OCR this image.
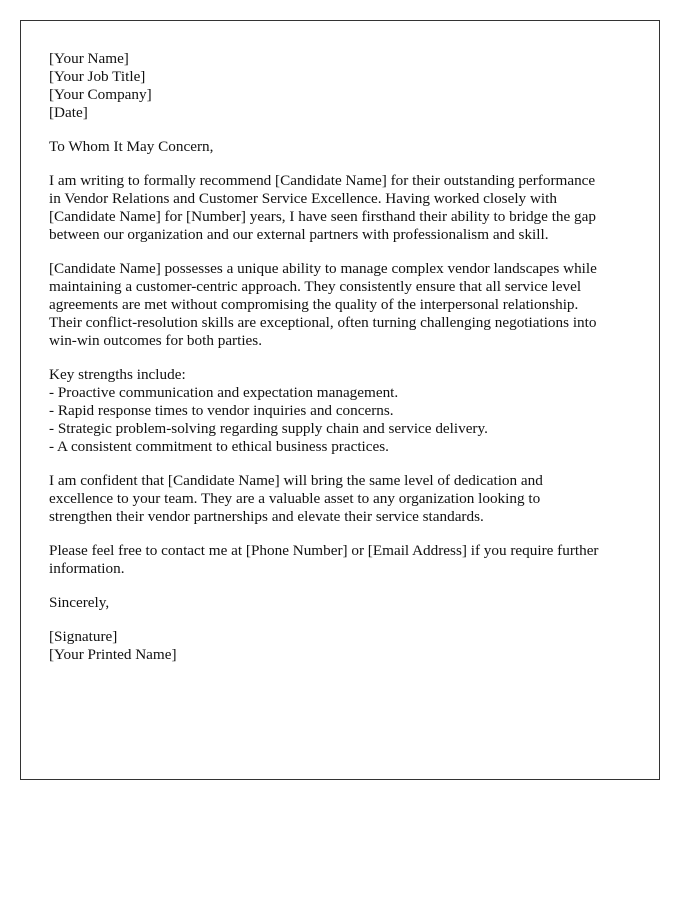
[Your Name]
[Your Job Title]
[Your Company]
[Date]
To Whom It May Concern,
I am writing to formally recommend [Candidate Name] for their outstanding performance
in Vendor Relations and Customer Service Excellence. Having worked closely with
[Candidate Name] for [Number] years, I have seen firsthand their ability to bridge the gap
between our organization and our external partners with professionalism and skill.
[Candidate Name] possesses a unique ability to manage complex vendor landscapes while
maintaining a customer-centric approach. They consistently ensure that all service level
agreements are met without compromising the quality of the interpersonal relationship.
Their conflict-resolution skills are exceptional, often turning challenging negotiations into
win-win outcomes for both parties.
Key strengths include:
- Proactive communication and expectation management.
- Rapid response times to vendor inquiries and concerns.
- Strategic problem-solving regarding supply chain and service delivery.
- A consistent commitment to ethical business practices.
I am confident that [Candidate Name] will bring the same level of dedication and
excellence to your team. They are a valuable asset to any organization looking to
strengthen their vendor partnerships and elevate their service standards.
Please feel free to contact me at [Phone Number] or [Email Address] if you require further
information.
Sincerely,
[Signature]
[Your Printed Name]
